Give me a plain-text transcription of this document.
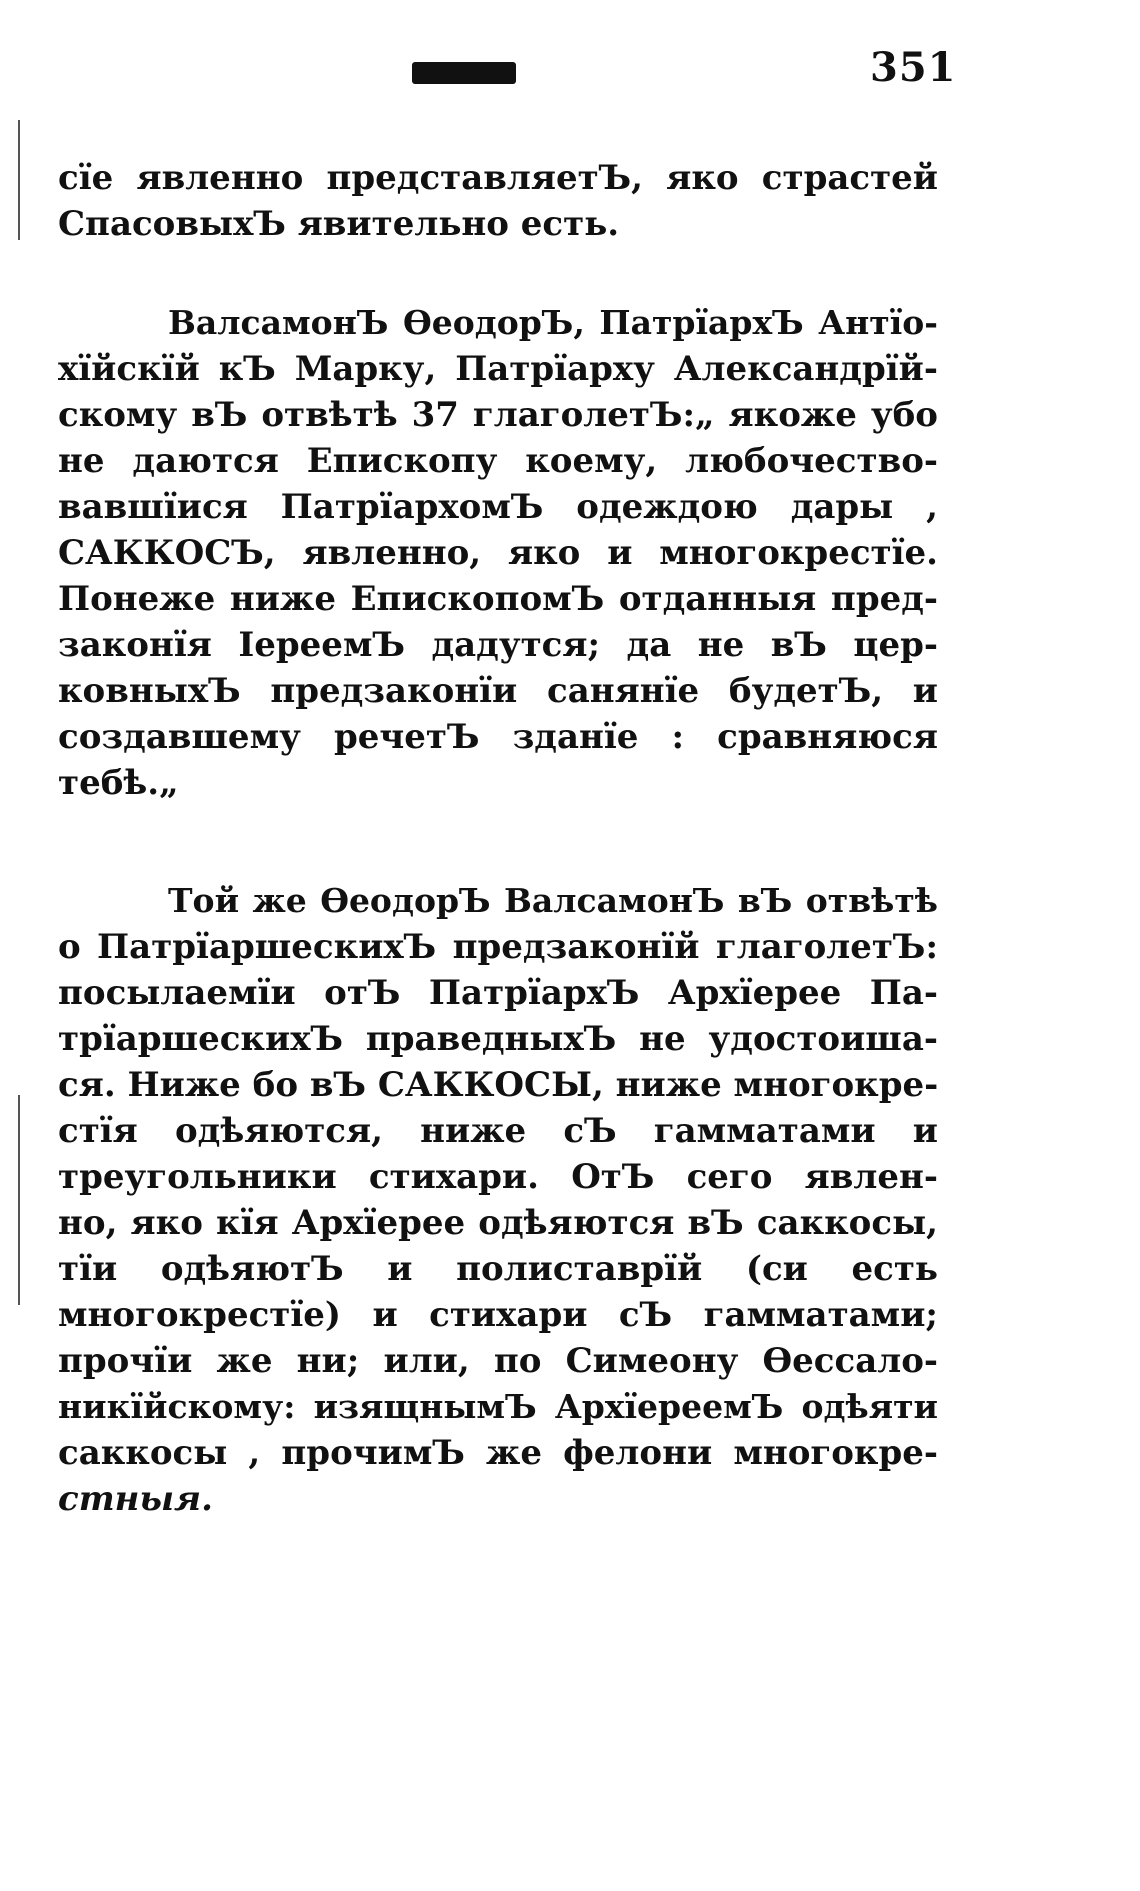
351
сїе явленно представляетЪ, яко страстей
СпасовыхЪ явительно есть.
ВалсамонЪ ѲеодорЪ, ПатрїархЪ Антїо-
хїйскїй кЪ Марку, Патрїарху Александрїй-
скому вЪ отвѣтѣ 37 глаголетЪ:„ якоже убо
не даются Епископу коему, любочество-
вавшїися ПатрїархомЪ одеждою дары ,
САККОСЪ, явленно, яко и многокрестїе.
Понеже ниже ЕпископомЪ отданныя пред-
законїя ІереемЪ дадутся; да не вЪ цер-
ковныхЪ предзаконїи санянїе будетЪ, и
создавшему речетЪ зданїе : сравняюся
тебѣ.„
Той же ѲеодорЪ ВалсамонЪ вЪ отвѣтѣ
о ПатрїаршескихЪ предзаконїй глаголетЪ:
посылаемїи отЪ ПатрїархЪ Архїерее Па-
трїаршескихЪ праведныхЪ не удостоиша-
ся. Ниже бо вЪ САККОСЫ, ниже многокре-
стїя одѣяются, ниже сЪ гамматами и
треугольники стихари. ОтЪ сего явлен-
но, яко кїя Архїерее одѣяются вЪ саккосы,
тїи одѣяютЪ и полиставрїй (си есть
многокрестїе) и стихари сЪ гамматами;
прочїи же ни; или, по Симеону Ѳессало-
никїйскому: изящнымЪ АрхїереемЪ одѣяти
саккосы , прочимЪ же фелони многокре-
стныя.
